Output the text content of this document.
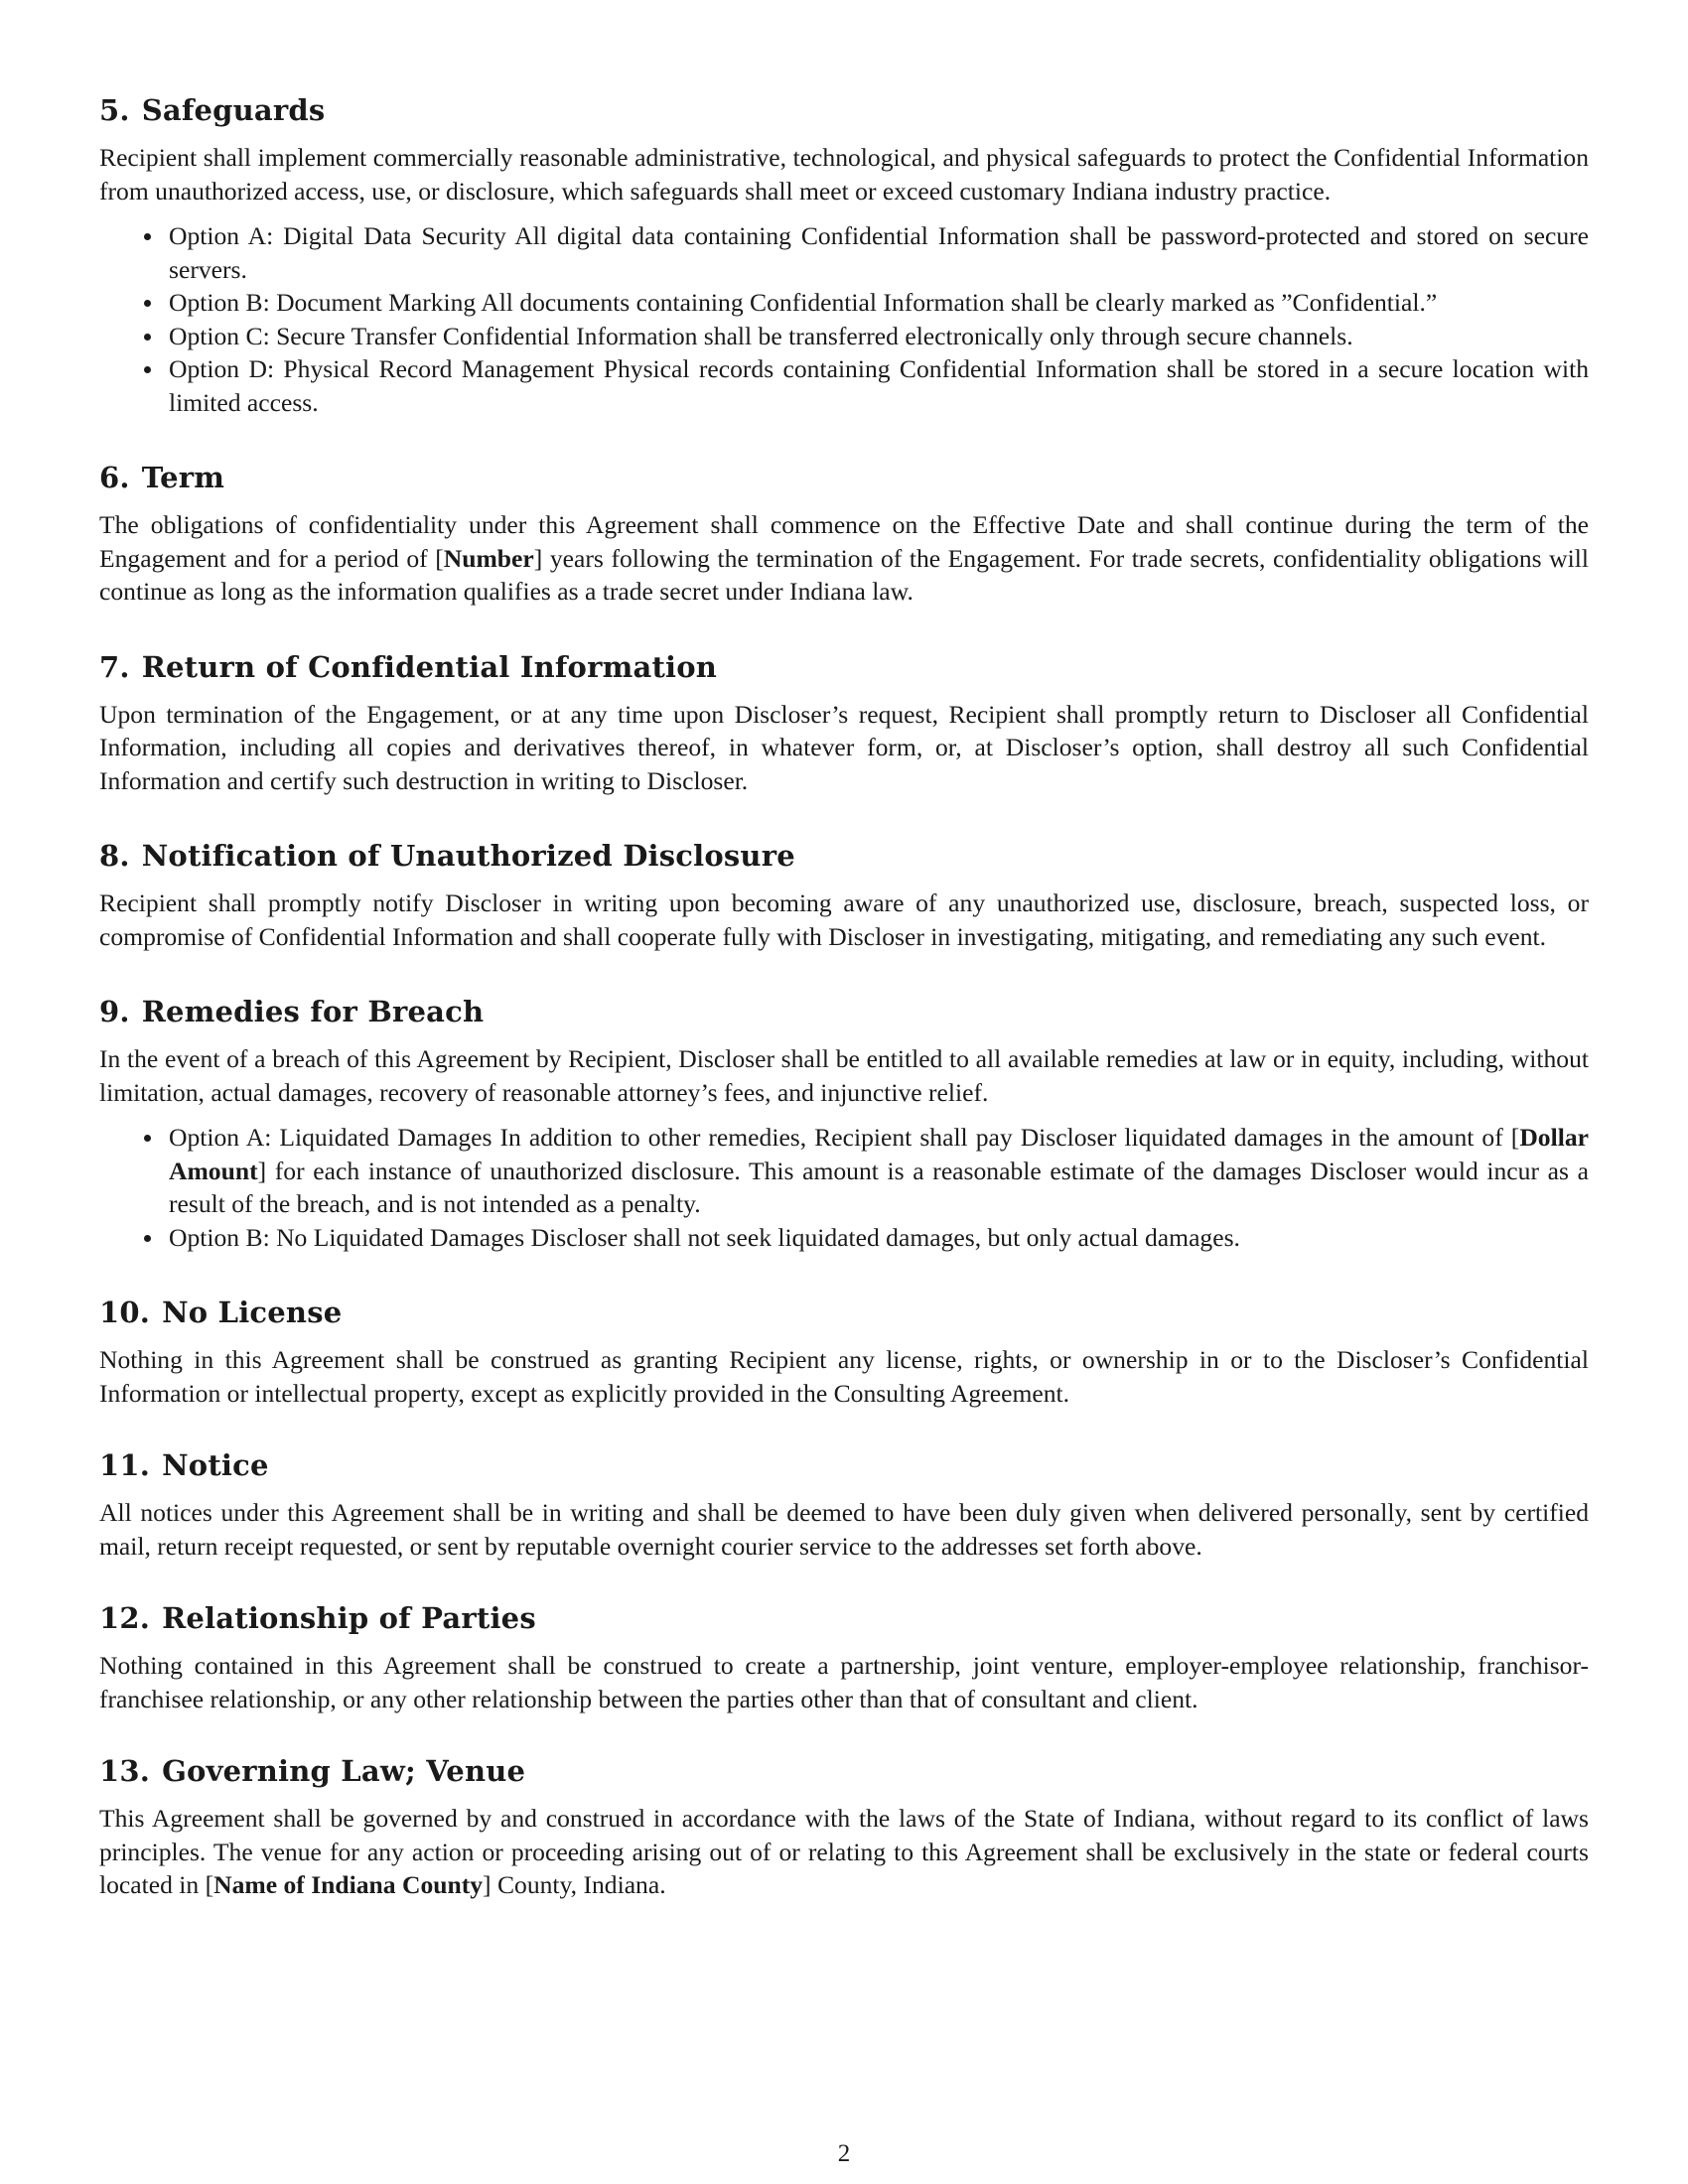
5. Safeguards

Recipient shall implement commercially reasonable administrative, technological, and physical safeguards to protect the Confidential Information from unauthorized access, use, or disclosure, which safeguards shall meet or exceed customary Indiana industry practice.

Option A: Digital Data Security All digital data containing Confidential Information shall be password-protected and stored on secure servers.
Option B: Document Marking All documents containing Confidential Information shall be clearly marked as ”Confidential.”
Option C: Secure Transfer Confidential Information shall be transferred electronically only through secure channels.
Option D: Physical Record Management Physical records containing Confidential Information shall be stored in a secure location with limited access.
6. Term

The obligations of confidentiality under this Agreement shall commence on the Effective Date and shall continue during the term of the Engagement and for a period of [Number] years following the termination of the Engagement. For trade secrets, confidentiality obligations will continue as long as the information qualifies as a trade secret under Indiana law.

7. Return of Confidential Information

Upon termination of the Engagement, or at any time upon Discloser’s request, Recipient shall promptly return to Discloser all Confidential Information, including all copies and derivatives thereof, in whatever form, or, at Discloser’s option, shall destroy all such Confidential Information and certify such destruction in writing to Discloser.

8. Notification of Unauthorized Disclosure

Recipient shall promptly notify Discloser in writing upon becoming aware of any unauthorized use, disclosure, breach, suspected loss, or compromise of Confidential Information and shall cooperate fully with Discloser in investigating, mitigating, and remediating any such event.

9. Remedies for Breach

In the event of a breach of this Agreement by Recipient, Discloser shall be entitled to all available remedies at law or in equity, including, without limitation, actual damages, recovery of reasonable attorney’s fees, and injunctive relief.

Option A: Liquidated Damages In addition to other remedies, Recipient shall pay Discloser liquidated damages in the amount of [Dollar Amount] for each instance of unauthorized disclosure. This amount is a reasonable estimate of the damages Discloser would incur as a result of the breach, and is not intended as a penalty.
Option B: No Liquidated Damages Discloser shall not seek liquidated damages, but only actual damages.
10. No License

Nothing in this Agreement shall be construed as granting Recipient any license, rights, or ownership in or to the Discloser’s Confidential Information or intellectual property, except as explicitly provided in the Consulting Agreement.

11. Notice

All notices under this Agreement shall be in writing and shall be deemed to have been duly given when delivered personally, sent by certified mail, return receipt requested, or sent by reputable overnight courier service to the addresses set forth above.

12. Relationship of Parties

Nothing contained in this Agreement shall be construed to create a partnership, joint venture, employer-employee relationship, franchisor-franchisee relationship, or any other relationship between the parties other than that of consultant and client.

13. Governing Law; Venue

This Agreement shall be governed by and construed in accordance with the laws of the State of Indiana, without regard to its conflict of laws principles. The venue for any action or proceeding arising out of or relating to this Agreement shall be exclusively in the state or federal courts located in [Name of Indiana County] County, Indiana.

2
